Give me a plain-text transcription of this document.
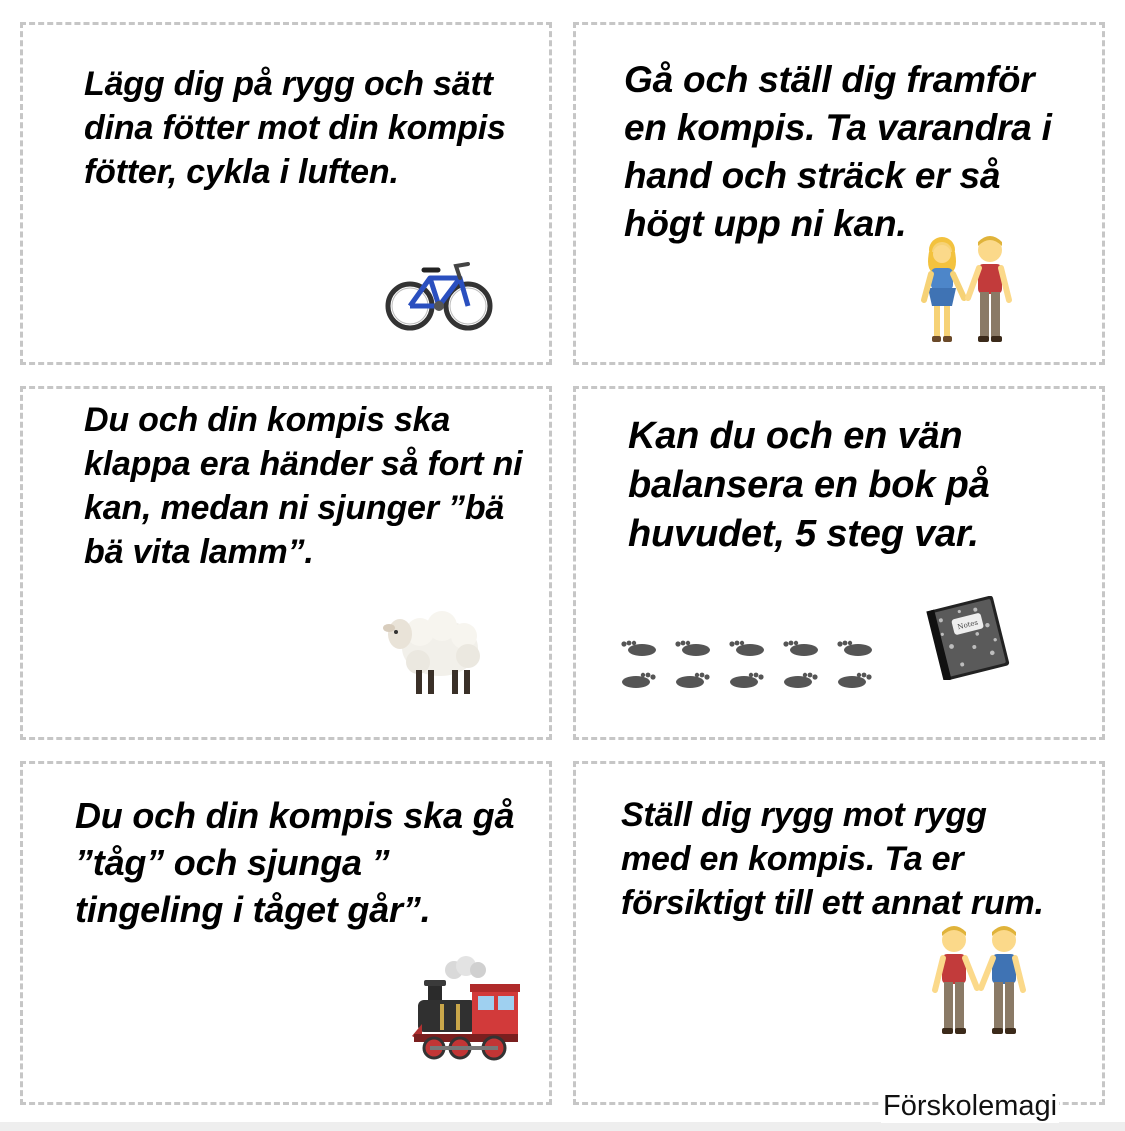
Lägg dig på rygg och sätt dina fötter mot din kompis fötter, cykla i luften.

Gå och ställ dig framför en kompis. Ta varandra i hand och sträck er så högt upp ni kan.

Du och din kompis ska klappa era händer så fort ni kan, medan ni sjunger ”bä bä vita lamm”.

Kan du och en vän balansera en bok på huvudet, 5 steg var.

Notes

Du och din kompis ska gå ”tåg” och sjunga ” tingeling i tåget går”.

Ställ dig rygg mot rygg med en kompis. Ta er försiktigt till ett annat rum.

Förskolemagi
